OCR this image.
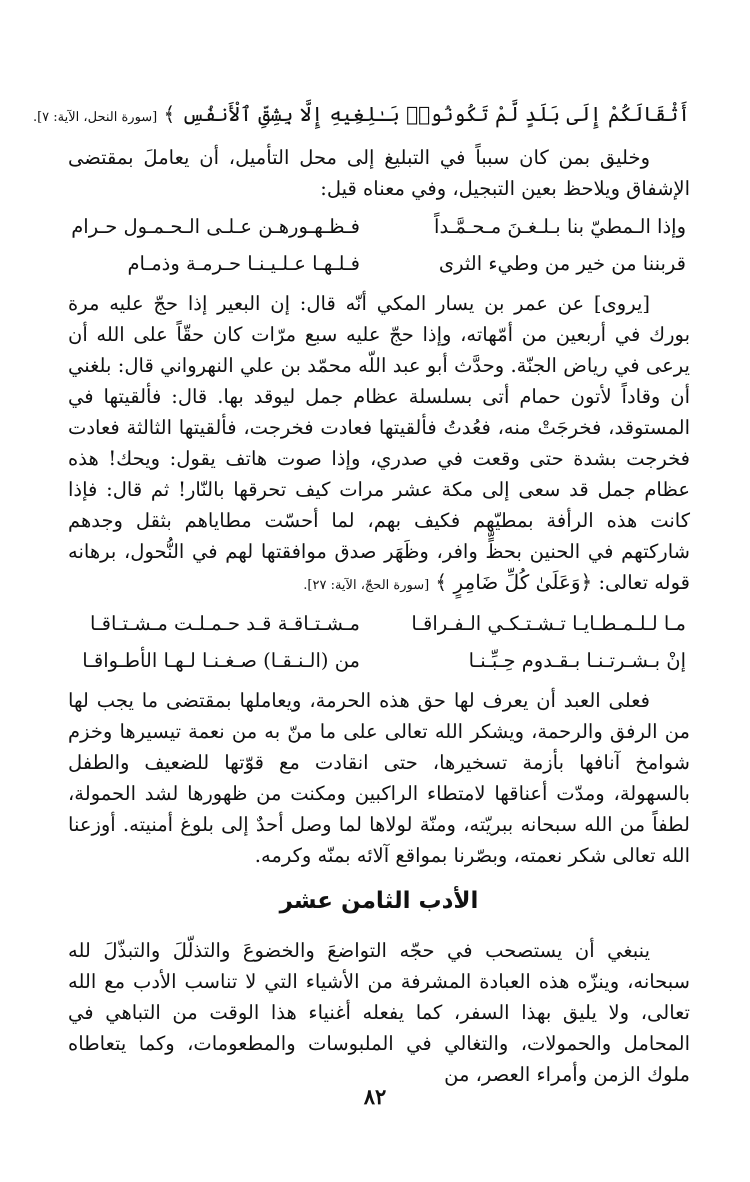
أَثْقَالَكُمْ إِلَى بَلَدٍ لَّمْ تَكُونُوا۟ بَـٰلِغِيهِ إِلَّا بِشِقِّ ٱلْأَنفُسِ ﴾ [سورة النحل، الآية: ٧].

وخليق بمن كان سبباً في التبليغ إلى محل التأميل، أن يعاملَ بمقتضى الإشفاق ويلاحظ بعين التبجيل، وفي معناه قيل:

وإذا الـمطيّ بنا بـلـغـنَ مـحـمَّـداً
فـظـهـورهـن عـلـى الـحـمـول حـرام
قربننا من خير من وطيء الثرى
فـلـهـا عـلـيـنـا حـرمـة وذمـام

[يروى] عن عمر بن يسار المكي أنّه قال: إن البعير إذا حجّ عليه مرة بورك في أربعين من أمّهاته، وإذا حجّ عليه سبع مرّات كان حقّاً على الله أن يرعى في رياض الجنّة. وحدَّث أبو عبد اللّه محمّد بن علي النهرواني قال: بلغني أن وقاداً لأتون حمام أتى بسلسلة عظام جمل ليوقد بها. قال: فألقيتها في المستوقد، فخرجَتْ منه، فعُدتُ فألقيتها فعادت فخرجت، فألقيتها الثالثة فعادت فخرجت بشدة حتى وقعت في صدري، وإذا صوت هاتف يقول: ويحك! هذه عظام جمل قد سعى إلى مكة عشر مرات كيف تحرقها بالنّار! ثم قال: فإذا كانت هذه الرأفة بمطيّهم فكيف بهم، لما أحسّت مطاياهم بثقل وجدهم شاركتهم في الحنين بحظٍّ وافر، وظَهَر صدق موافقتها لهم في النُّحول، برهانه قوله تعالى: ﴿وَعَلَىٰ كُلِّ ضَامِرٍ ﴾ [سورة الحجّ، الآية: ٢٧].

مـا لـلـمـطـايـا تـشـتـكـي الـفـراقـا
مـشـتـاقـة قـد حـمـلـت مـشـتـاقـا
إنْ بـشـرتـنـا بـقـدوم حِـبِّـنـا
من (الـنـقـا) صـغـنـا لـهـا الأطـواقـا

فعلى العبد أن يعرف لها حق هذه الحرمة، ويعاملها بمقتضى ما يجب لها من الرفق والرحمة، ويشكر الله تعالى على ما منّ به من نعمة تيسيرها وخزم شوامخ آنافها بأزمة تسخيرها، حتى انقادت مع قوّتها للضعيف والطفل بالسهولة، ومدّت أعناقها لامتطاء الراكبين ومكنت من ظهورها لشد الحمولة، لطفاً من الله سبحانه ببريّته، ومنّة لولاها لما وصل أحدٌ إلى بلوغ أمنيته. أوزعنا الله تعالى شكر نعمته، وبصّرنا بمواقع آلائه بمنّه وكرمه.

الأدب الثامن عشر

ينبغي أن يستصحب في حجّه التواضعَ والخضوعَ والتذلّلَ والتبذّلَ لله سبحانه، وينزّه هذه العبادة المشرفة من الأشياء التي لا تناسب الأدب مع الله تعالى، ولا يليق بهذا السفر، كما يفعله أغنياء هذا الوقت من التباهي في المحامل والحمولات، والتغالي في الملبوسات والمطعومات، وكما يتعاطاه ملوك الزمن وأمراء العصر، من

٨٢
